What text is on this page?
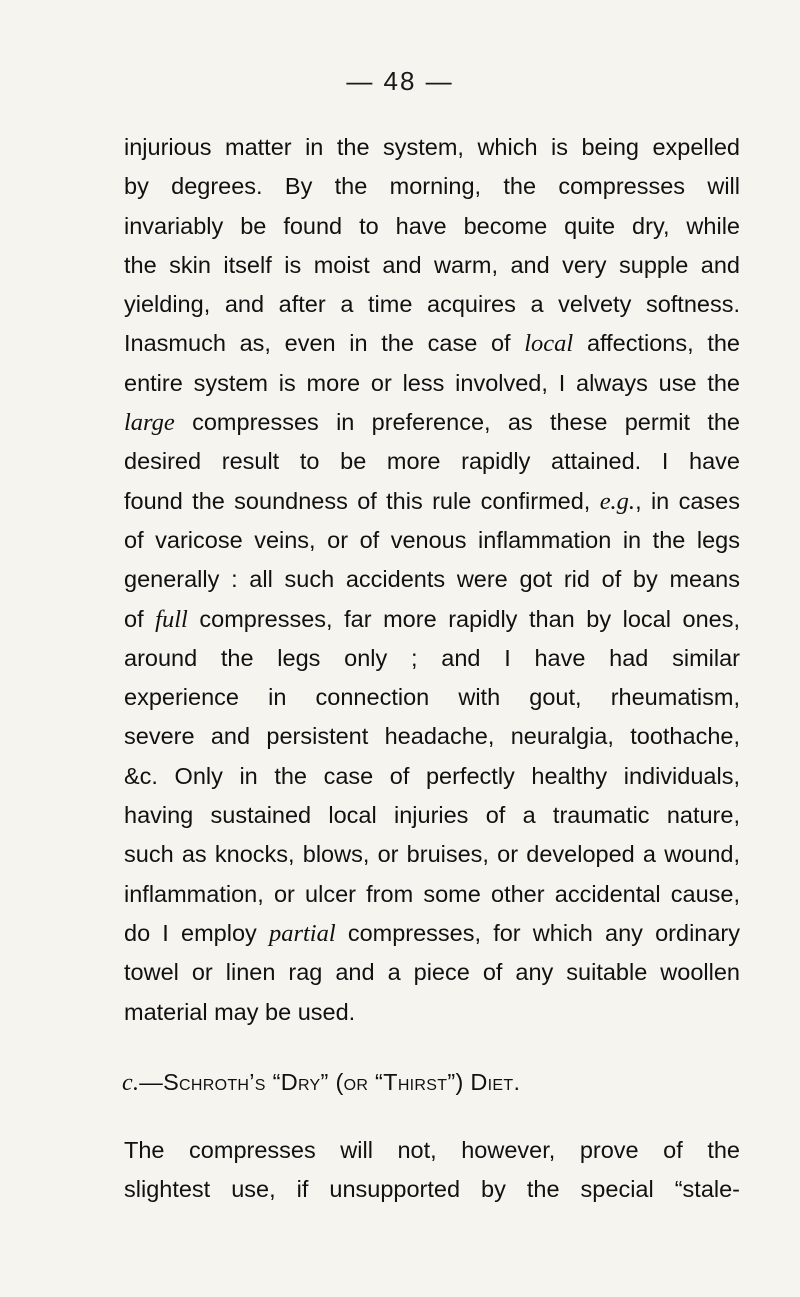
— 48 —
injurious matter in the system, which is being expelled
by degrees. By the morning, the compresses will
invariably be found to have become quite dry, while
the skin itself is moist and warm, and very supple and
yielding, and after a time acquires a velvety softness.
Inasmuch as, even in the case of local affections, the
entire system is more or less involved, I always use the
large compresses in preference, as these permit the
desired result to be more rapidly attained. I have
found the soundness of this rule confirmed, e.g., in cases
of varicose veins, or of venous inflammation in the legs
generally : all such accidents were got rid of by means
of full compresses, far more rapidly than by local ones,
around the legs only ; and I have had similar
experience in connection with gout, rheumatism,
severe and persistent headache, neuralgia, toothache,
&c. Only in the case of perfectly healthy individuals,
having sustained local injuries of a traumatic nature,
such as knocks, blows, or bruises, or developed a wound,
inflammation, or ulcer from some other accidental cause,
do I employ partial compresses, for which any ordinary
towel or linen rag and a piece of any suitable woollen
material may be used.
c.—Schroth’s “Dry” (or “Thirst”) Diet.
The compresses will not, however, prove of the
slightest use, if unsupported by the special “stale-
